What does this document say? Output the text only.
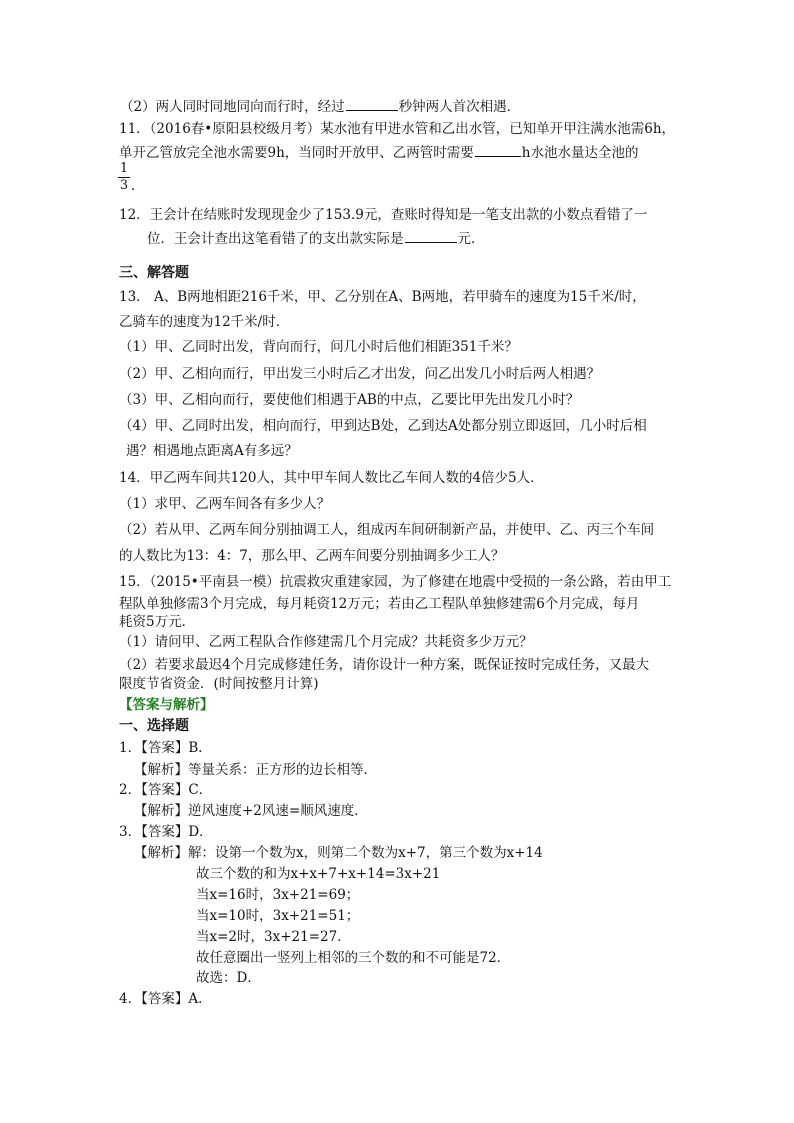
（2）两人同时同地同向而行时，经过	秒钟两人首次相遇．
11．（2016春•原阳县校级月考）某水池有甲进水管和乙出水管，已知单开甲注满水池需6h，
单开乙管放完全池水需要9h，当同时开放甲、乙两管时需要	h水池水量达全池的
1
3 ．
12．王会计在结账时发现现金少了153.9元，查账时得知是一笔支出款的小数点看错了一
位．王会计查出这笔看错了的支出款实际是	元．
三、解答题
13． A、B两地相距216千米，甲、乙分别在A、B两地，若甲骑车的速度为15千米/时，
乙骑车的速度为12千米/时．
（1）甲、乙同时出发，背向而行，问几小时后他们相距351千米？
（2）甲、乙相向而行，甲出发三小时后乙才出发，问乙出发几小时后两人相遇？
（3）甲、乙相向而行，要使他们相遇于AB的中点，乙要比甲先出发几小时？
（4）甲、乙同时出发，相向而行，甲到达B处，乙到达A处都分别立即返回，几小时后相
遇？相遇地点距离A有多远？
14．甲乙两车间共120人，其中甲车间人数比乙车间人数的4倍少5人．
（1）求甲、乙两车间各有多少人？
（2）若从甲、乙两车间分别抽调工人，组成丙车间研制新产品，并使甲、乙、丙三个车间
的人数比为13：4：7，那么甲、乙两车间要分别抽调多少工人？
15．（2015•平南县一模）抗震救灾重建家园，为了修建在地震中受损的一条公路，若由甲工
程队单独修需3个月完成，每月耗资12万元；若由乙工程队单独修建需6个月完成，每月
耗资5万元．
（1）请问甲、乙两工程队合作修建需几个月完成？共耗资多少万元？
（2）若要求最迟4个月完成修建任务，请你设计一种方案，既保证按时完成任务，又最大
限度节省资金．(时间按整月计算)
【答案与解析】
一、选择题
1．【答案】B．
【解析】等量关系：正方形的边长相等．
2．【答案】C．
【解析】逆风速度+2风速=顺风速度．
3．【答案】D．
【解析】解：设第一个数为x，则第二个数为x+7，第三个数为x+14
故三个数的和为x+x+7+x+14=3x+21
当x=16时，3x+21=69；
当x=10时，3x+21=51；
当x=2时，3x+21=27．
故任意圈出一竖列上相邻的三个数的和不可能是72．
故选：D．
4．【答案】A．
